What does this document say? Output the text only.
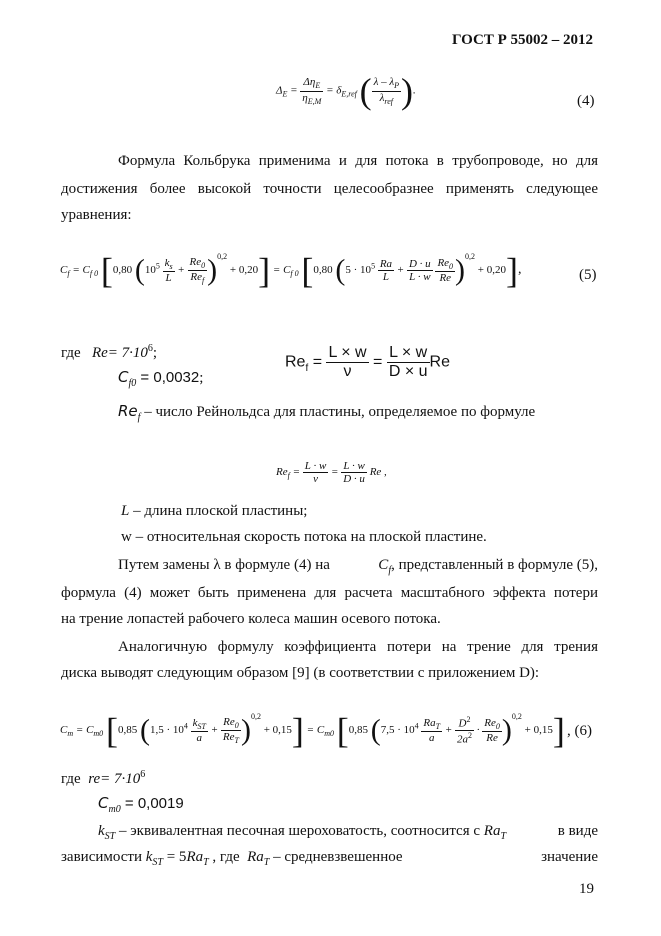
ГОСТ Р 55002 – 2012
$\Delta_E = \frac{\Delta\eta_E}{\eta_{E,M}} = \delta_{E,ref}$ ( $\frac{\lambda - \lambda_P}{\lambda_{ref}}$ ).
(4)
Формула Кольбрука применима и для потока в трубопроводе, но для
достижения более высокой точности целесообразнее применять следующее
уравнения:
$C_f = C_{f 0}$ [0,80 $(10^5 \frac{k_s}{L} + \frac{Re_0}{Re_f} )^{0,2} + 0,20] = C_{f 0}$ [0,80 ($5 \cdot 10^5 \frac{Ra}{L} + \frac{D \cdot u}{L \cdot w}$
$\frac{Re_0}{Re} )^{0,2} + 0,20$],	(5)
где $Re= 7\cdot 10^6$;
$C_{f0} = 0,0032$;
$Re_f = \frac{L \times w}{\nu} = \frac{L \times w}{D \times u}$ Re
$Re_f$ – число Рейнольдса для пластины, определяемое по формуле
$Re_f = \frac{L \cdot w}{\nu} = \frac{L \cdot w}{D \cdot u}$ Re ,
L – длина плоской пластины;
w – относительная скорость потока на плоской пластине.
Путем замены λ в формуле (4) на	$C_f$, представленный в формуле (5),
формула (4) может быть применена для расчета масштабного эффекта потери
на трение лопастей рабочего колеса машин осевого потока.
Аналогичную формулу коэффициента потери на трение для трения
диска выводят следующим образом [9] (в соответствии с приложением D):
$C_m = C_{m0}$ [0,85 $(1,5 \cdot 10^4 \frac{k_{ST}}{a} + \frac{Re_0}{Re_T} )^{0,2} + 0,15] = C_{m0}$ [0,85 $(7,5 \cdot 10^4 \frac{Ra_T}{a} + \frac{D^2}{2a^2} \cdot \frac{Re_0}{Re} )^{0,2} + 0,15$] , (6)
где $re= 7\cdot 10^6$
$C_{m0} = 0,0019$
$k_{ST}$ – эквивалентная песочная шероховатость, соотносится с $Ra_T$	в виде
зависимости $k_{ST} = 5Ra_T$ , где $Ra_T$ – средневзвешенное	значение
19
